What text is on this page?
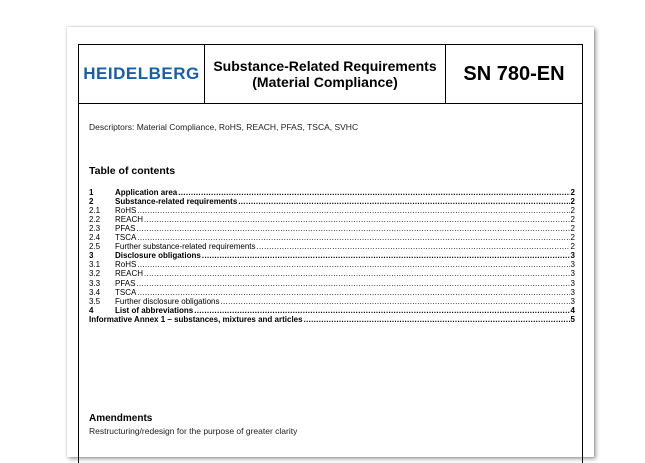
HEIDELBERG Substance-Related Requirements
(Material Compliance)	SN 780-EN
Descriptors: Material Compliance, RoHS, REACH, PFAS, TSCA, SVHC
Table of contents
1	Application area .....	2
2	Substance-related requirements .....	2
2.1	RoHS .....	2
2.2	REACH .....	2
2.3	PFAS .....	2
2.4	TSCA .....	2
2.5	Further substance-related requirements .....	2
3	Disclosure obligations .....	3
3.1	RoHS .....	3
3.2	REACH .....	3
3.3	PFAS .....	3
3.4	TSCA .....	3
3.5	Further disclosure obligations .....	3
4	List of abbreviations .....	4
Informative Annex 1 – substances, mixtures and articles .....	5
Amendments
Restructuring/redesign for the purpose of greater clarity
